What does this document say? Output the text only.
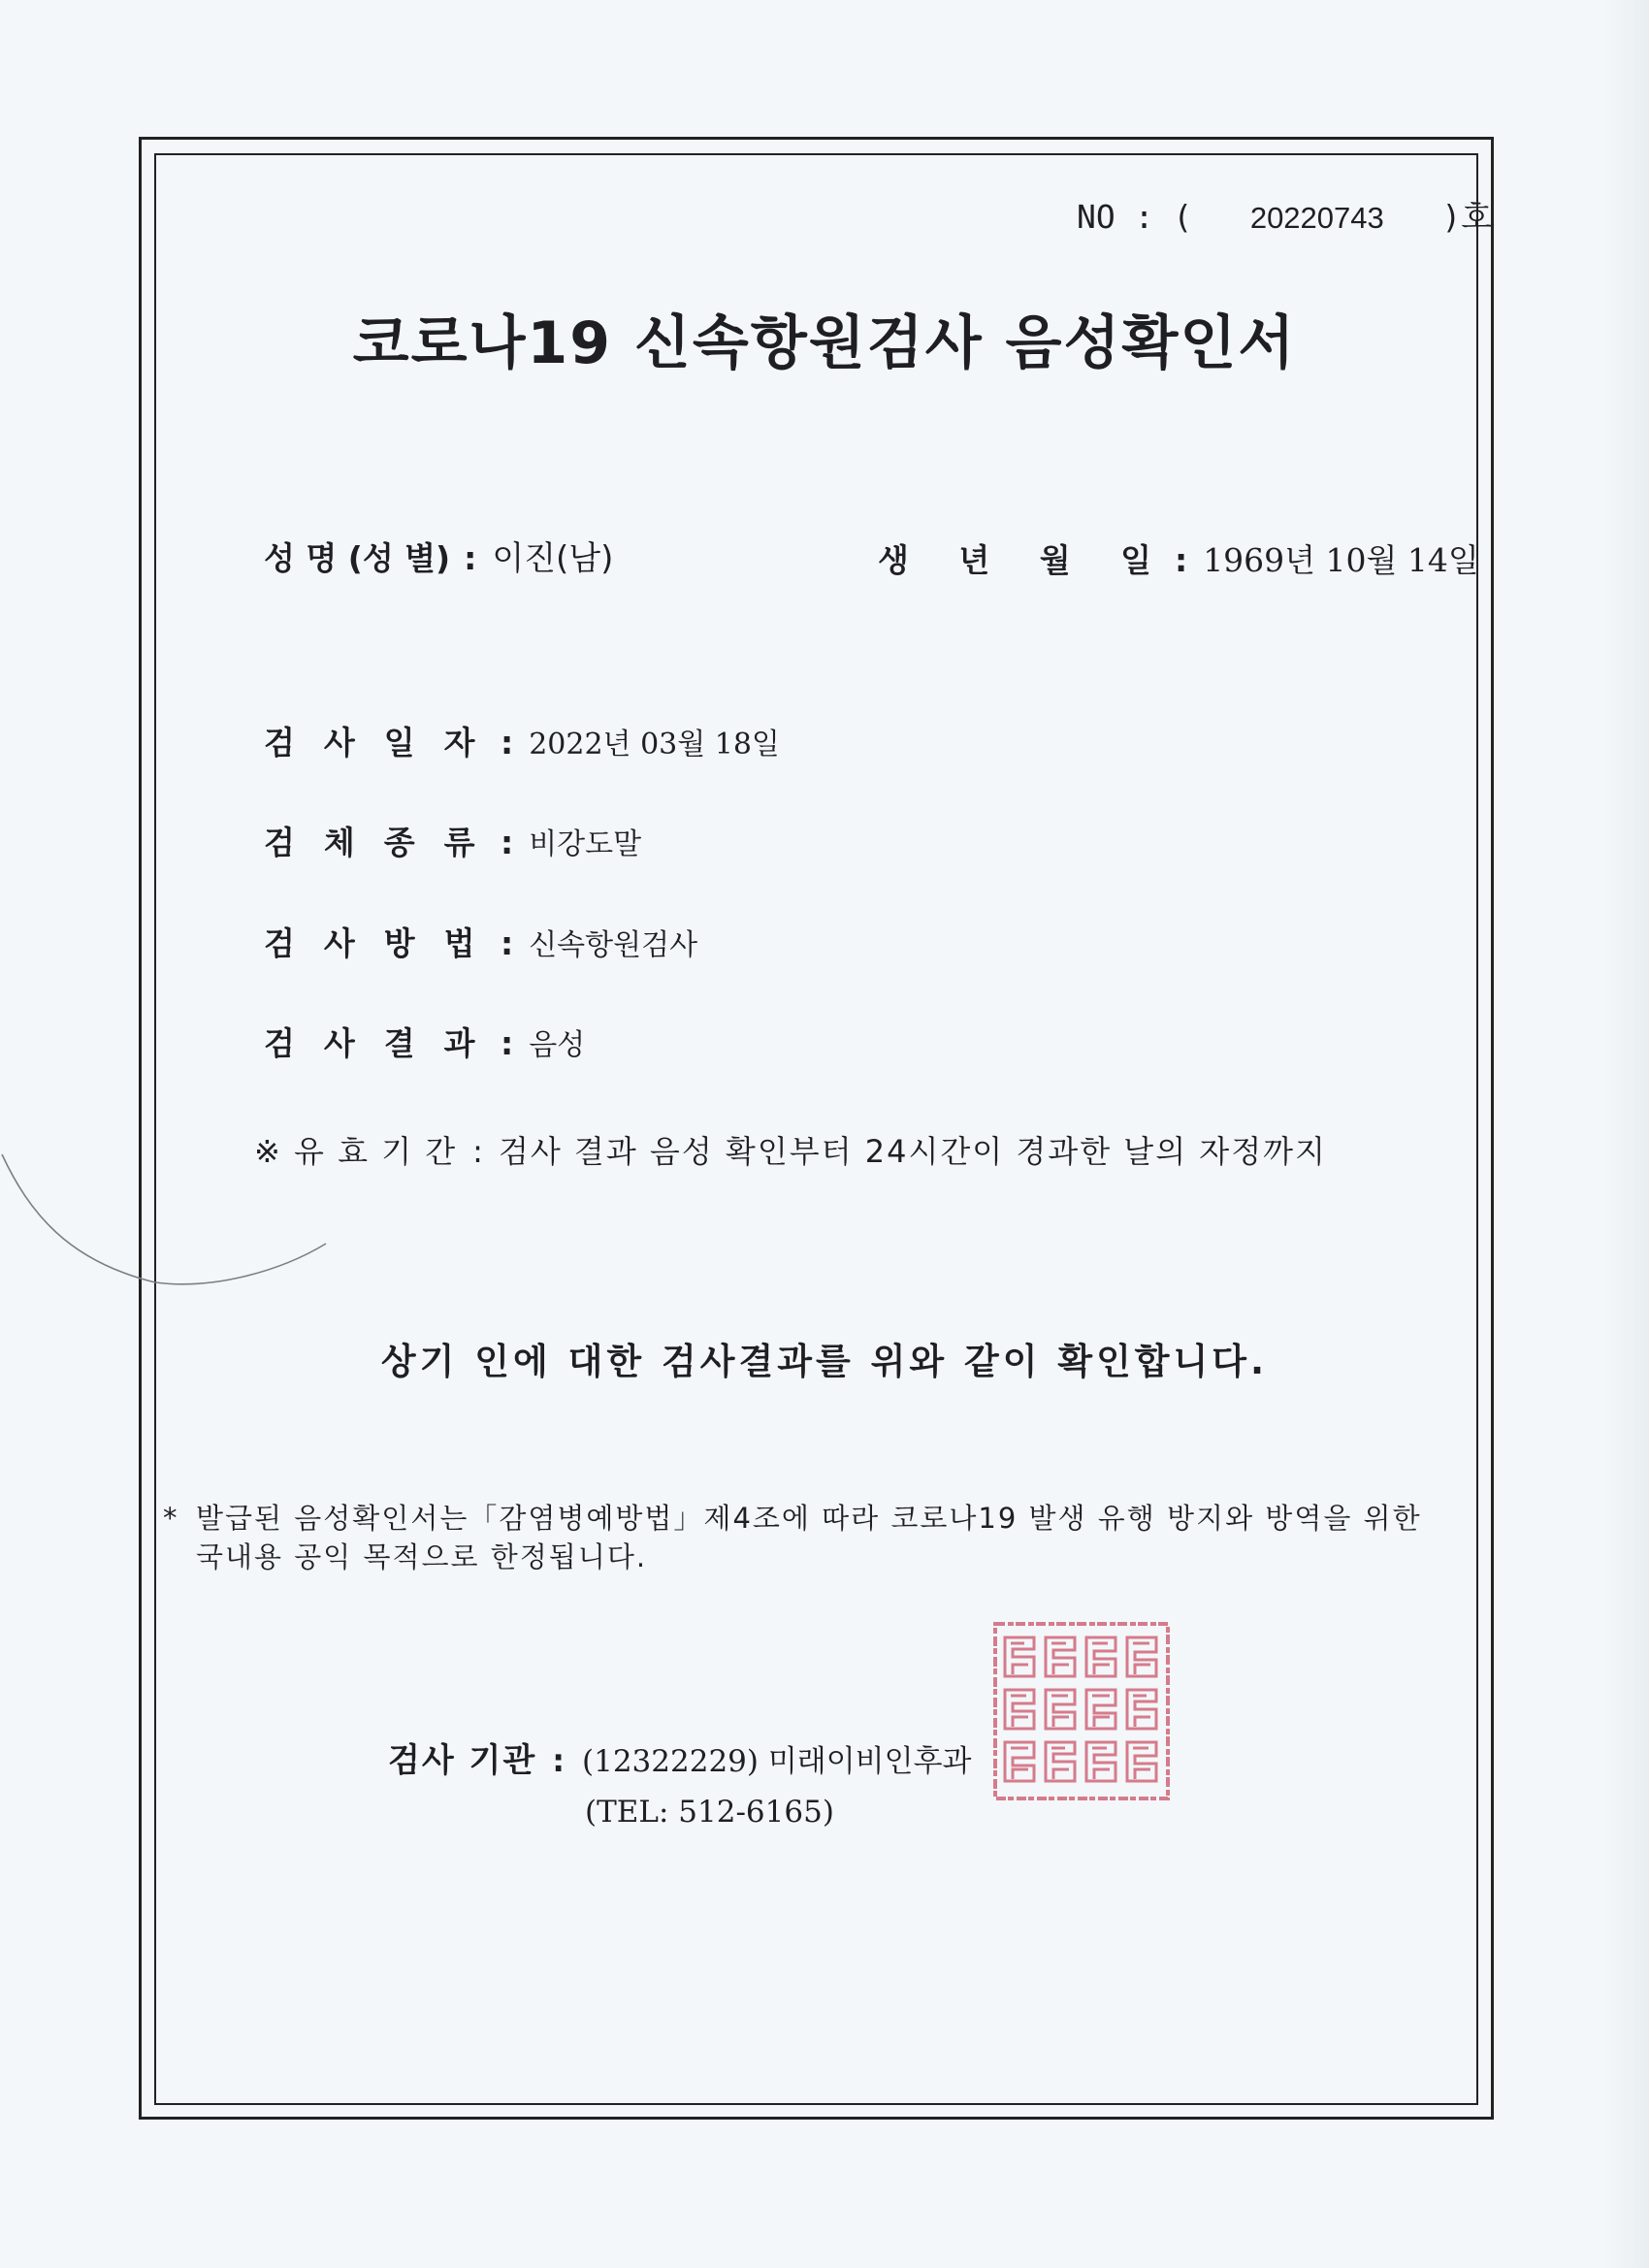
NO : ( 20220743 )호
코로나19 신속항원검사 음성확인서
성 명 (성 별) : 이진(남)	생 년 월 일 : 1969년 10월 14일
검사일자: 2022년 03월 18일
검체종류: 비강도말
검사방법: 신속항원검사
검사결과: 음성
※ 유 효 기 간 : 검사 결과 음성 확인부터 24시간이 경과한 날의 자정까지
상기 인에 대한 검사결과를 위와 같이 확인합니다.
* 발급된 음성확인서는「감염병예방법」제4조에 따라 코로나19 발생 유행 방지와 방역을 위한
국내용 공익 목적으로 한정됩니다.
검사 기관 : (12322229) 미래이비인후과
(TEL: 512-6165)
